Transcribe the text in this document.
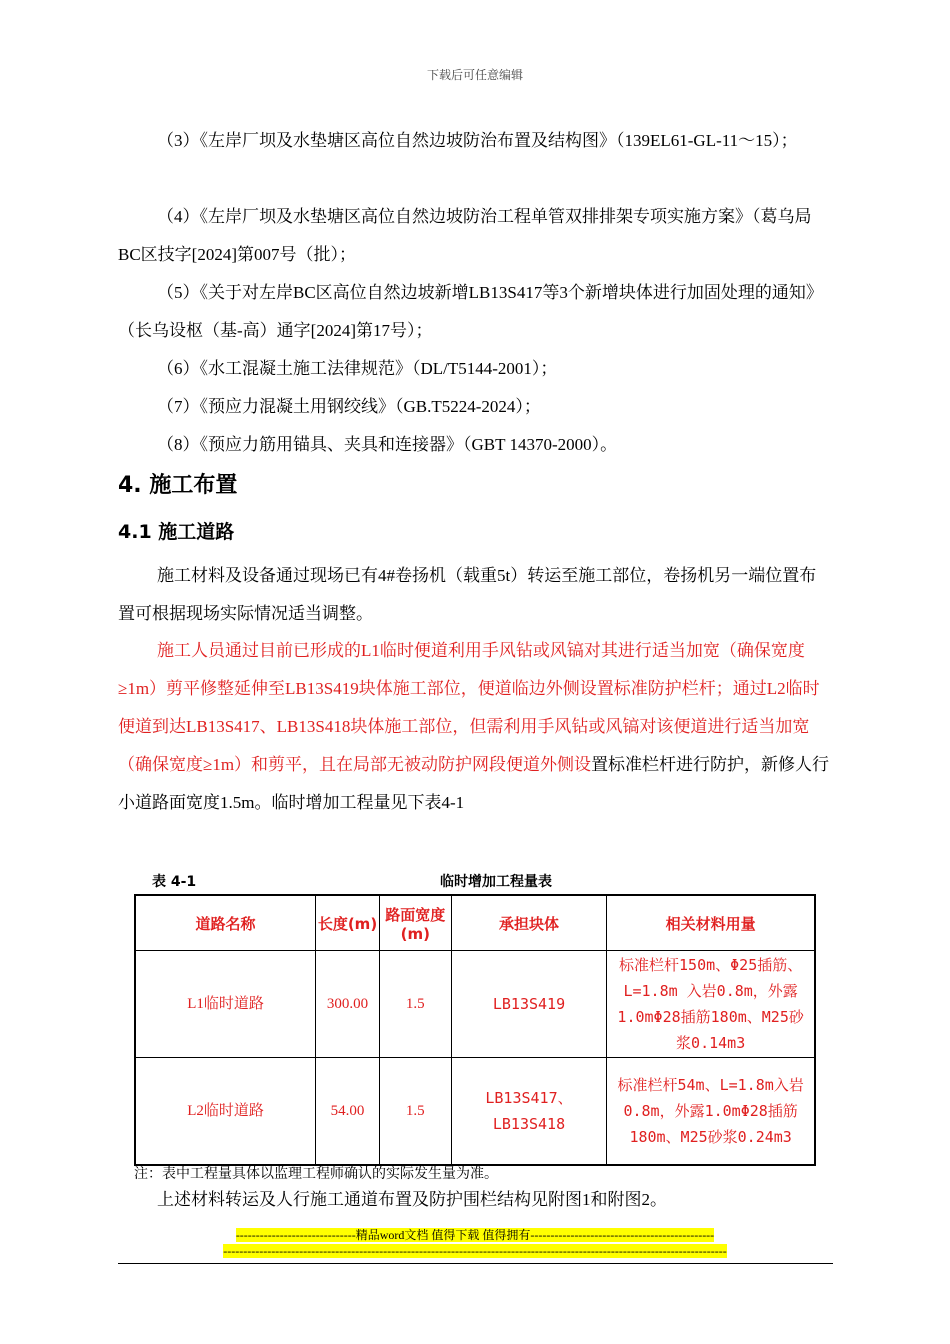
下载后可任意编辑
（3）《左岸厂坝及水垫塘区高位自然边坡防治布置及结构图》（139EL61-GL-11～15）；
（4）《左岸厂坝及水垫塘区高位自然边坡防治工程单管双排排架专项实施方案》（葛乌局BC区技字[2024]第007号（批）；
（5）《关于对左岸BC区高位自然边坡新增LB13S417等3个新增块体进行加固处理的通知》（长乌设枢（基-高）通字[2024]第17号）；
（6）《水工混凝土施工法律规范》（DL/T5144-2001）；
（7）《预应力混凝土用钢绞线》（GB.T5224-2024）；
（8）《预应力筋用锚具、夹具和连接器》（GBT 14370-2000）。
4. 施工布置
4.1 施工道路
施工材料及设备通过现场已有4#卷扬机（载重5t）转运至施工部位，卷扬机另一端位置布置可根据现场实际情况适当调整。
施工人员通过目前已形成的L1临时便道利用手风钻或风镐对其进行适当加宽（确保宽度≥1m）剪平修整延伸至LB13S419块体施工部位，便道临边外侧设置标准防护栏杆；通过L2临时便道到达LB13S417、LB13S418块体施工部位，但需利用手风钻或风镐对该便道进行适当加宽（确保宽度≥1m）和剪平，且在局部无被动防护网段便道外侧设置标准栏杆进行防护，新修人行小道路面宽度1.5m。临时增加工程量见下表4-1
表 4-1	临时增加工程量表
道路名称	长度(m)	路面宽度(m)	承担块体	相关材料用量
L1临时道路	300.00	1.5	LB13S419	标准栏杆150m、Φ25插筋、L=1.8m 入岩0.8m，外露1.0mΦ28插筋180m、M25砂浆0.14m3
L2临时道路	54.00	1.5	LB13S417、LB13S418	标准栏杆54m、L=1.8m入岩0.8m，外露1.0mΦ28插筋180m、M25砂浆0.24m3
注：表中工程量具体以监理工程师确认的实际发生量为准。
上述材料转运及人行施工通道布置及防护围栏结构见附图1和附图2。
------------------------------精品word文档 值得下载 值得拥有----------------------------------------------
------------------------------------------------------------------------------------------------------------------------------
